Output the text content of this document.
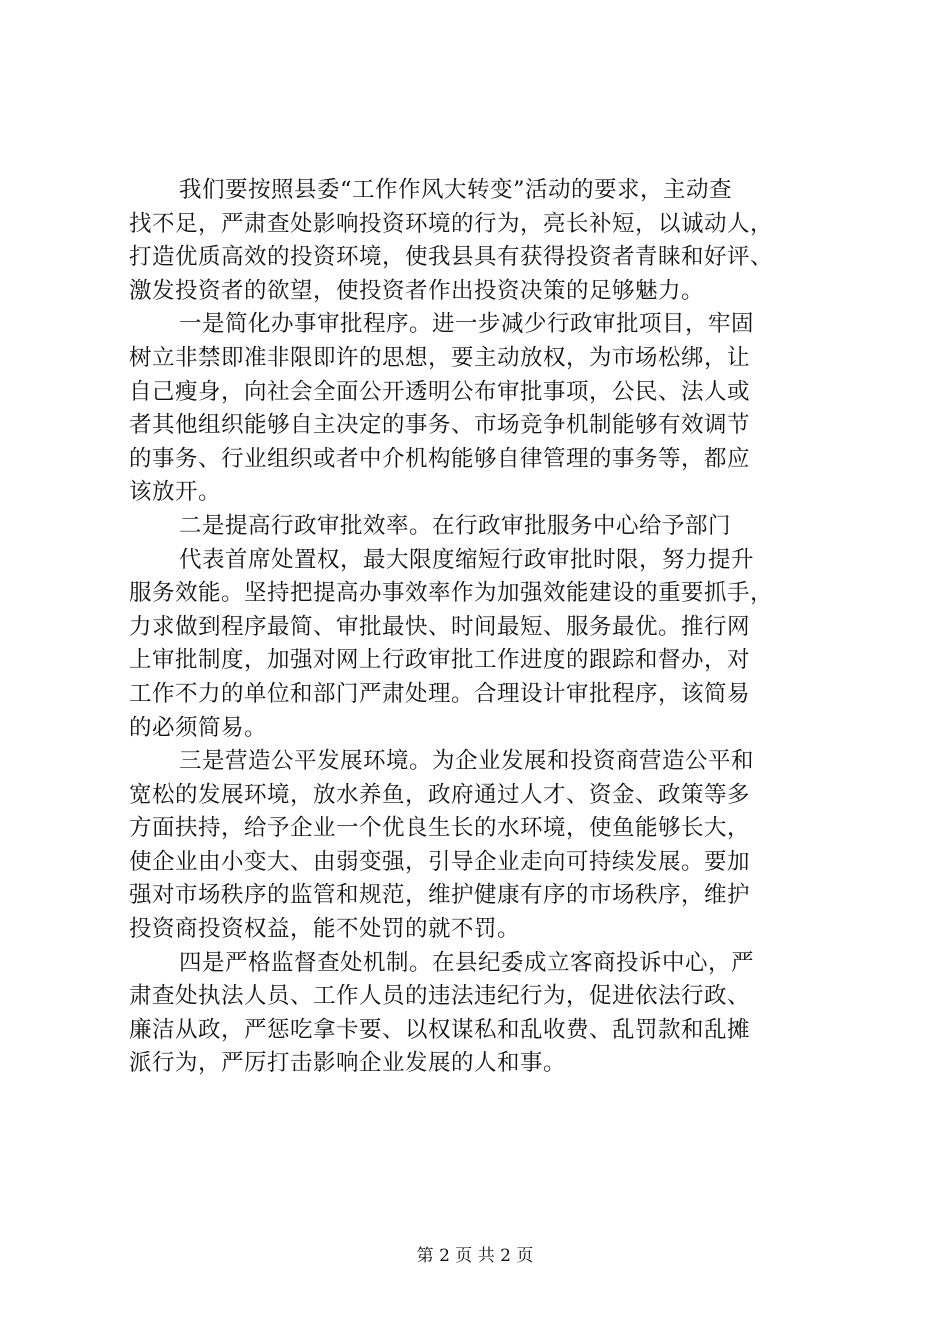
我们要按照县委“工作作风大转变”活动的要求，主动查
找不足，严肃查处影响投资环境的行为，亮长补短，以诚动人，
打造优质高效的投资环境，使我县具有获得投资者青睐和好评、
激发投资者的欲望，使投资者作出投资决策的足够魅力。
一是简化办事审批程序。进一步减少行政审批项目，牢固
树立非禁即准非限即许的思想，要主动放权，为市场松绑，让
自己瘦身，向社会全面公开透明公布审批事项，公民、法人或
者其他组织能够自主决定的事务、市场竞争机制能够有效调节
的事务、行业组织或者中介机构能够自律管理的事务等，都应
该放开。
二是提高行政审批效率。在行政审批服务中心给予部门
代表首席处置权，最大限度缩短行政审批时限，努力提升
服务效能。坚持把提高办事效率作为加强效能建设的重要抓手，
力求做到程序最简、审批最快、时间最短、服务最优。推行网
上审批制度，加强对网上行政审批工作进度的跟踪和督办，对
工作不力的单位和部门严肃处理。合理设计审批程序，该简易
的必须简易。
三是营造公平发展环境。为企业发展和投资商营造公平和
宽松的发展环境，放水养鱼，政府通过人才、资金、政策等多
方面扶持，给予企业一个优良生长的水环境，使鱼能够长大，
使企业由小变大、由弱变强，引导企业走向可持续发展。要加
强对市场秩序的监管和规范，维护健康有序的市场秩序，维护
投资商投资权益，能不处罚的就不罚。
四是严格监督查处机制。在县纪委成立客商投诉中心，严
肃查处执法人员、工作人员的违法违纪行为，促进依法行政、
廉洁从政，严惩吃拿卡要、以权谋私和乱收费、乱罚款和乱摊
派行为，严厉打击影响企业发展的人和事。
第 2 页 共 2 页
